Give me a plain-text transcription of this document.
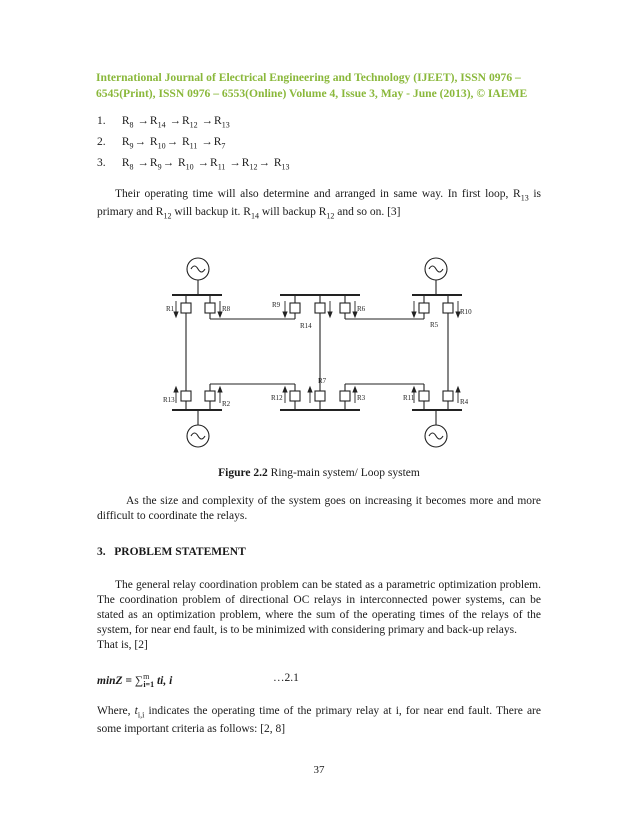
International Journal of Electrical Engineering and Technology (IJEET), ISSN 0976 –
6545(Print), ISSN 0976 – 6553(Online) Volume 4, Issue 3, May - June (2013), © IAEME
1. $R_8 \to R_{14} \to R_{12} \to R_{13}$
2. $R_9\to R_{10}\to R_{11} \to R_7$
3. $R_8 \to R_9\to R_{10} \to R_{11} \to R_{12}\to R_{13}$
Their operating time will also determine and arranged in same way. In first loop, $R_{13}$ is primary and $R_{12}$ will backup it. $R_{14}$ will backup $R_{12}$ and so on. [3]
R1	R8	R9	R6
R14	R5
R10
R13	R2
R7
R12	R3	R11	R4
Figure 2.2 Ring-main system/ Loop system
As the size and complexity of the system goes on increasing it becomes more and more difficult to coordinate the relays.
3.   PROBLEM STATEMENT
The general relay coordination problem can be stated as a parametric optimization problem. The coordination problem of directional OC relays in interconnected power systems, can be stated as an optimization problem, where the sum of the operating times of the relays of the system, for near end fault, is to be minimized with considering primary and back-up relays.
That is, [2]
minZ = ∑$^m_{i=1}$ ti, i	…2.1
Where, $t_{i,i}$ indicates the operating time of the primary relay at i, for near end fault. There are some important criteria as follows: [2, 8]
37
